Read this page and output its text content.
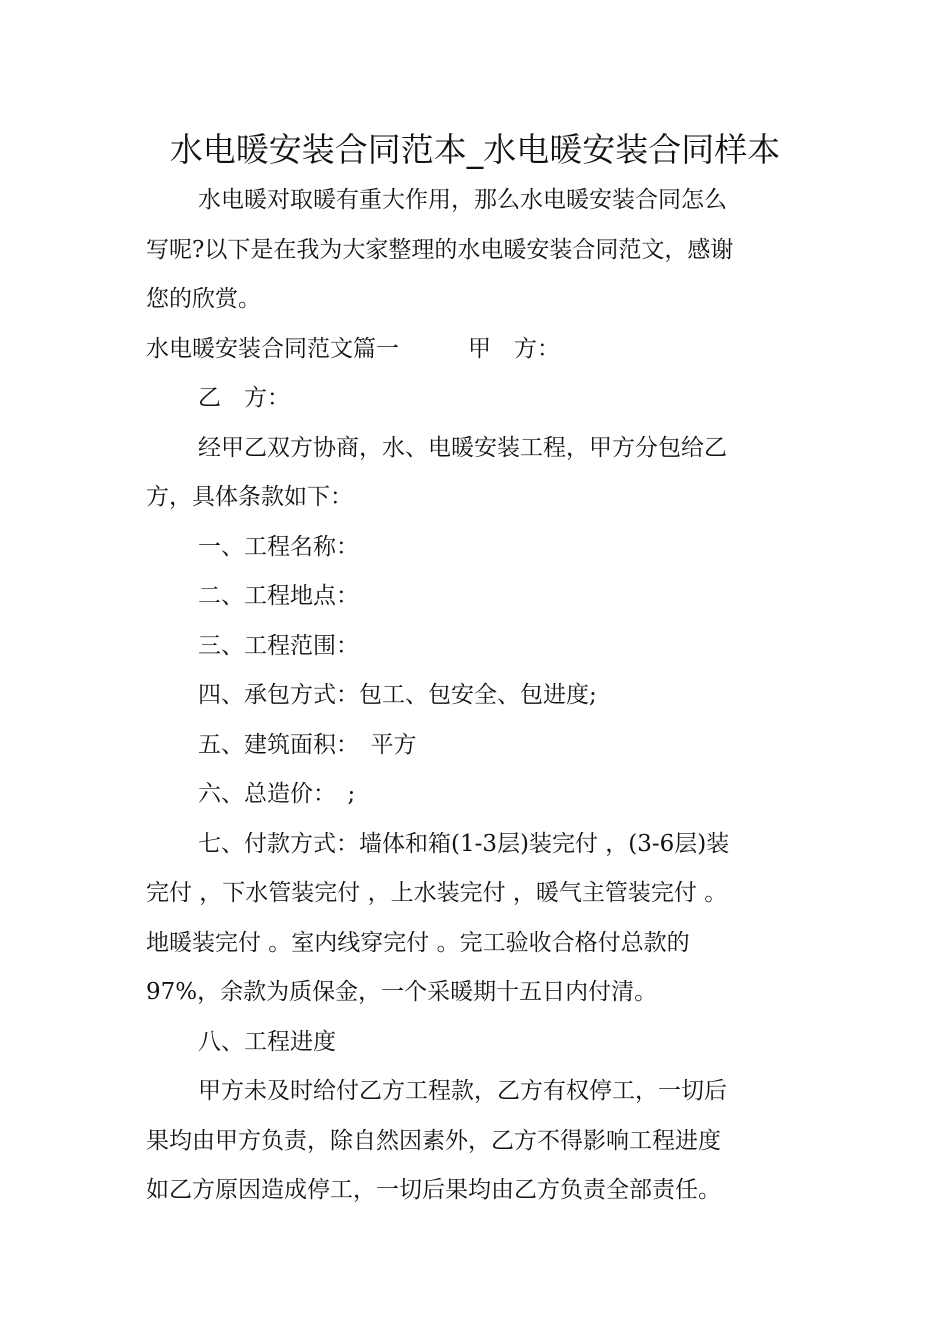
水电暖安装合同范本_水电暖安装合同样本

水电暖对取暖有重大作用，那么水电暖安装合同怎么

写呢?以下是在我为大家整理的水电暖安装合同范文，感谢

您的欣赏。

水电暖安装合同范文篇一　　　甲　方：

乙　方：

经甲乙双方协商，水、电暖安装工程，甲方分包给乙

方，具体条款如下：

一、工程名称：

二、工程地点：

三、工程范围：

四、承包方式：包工、包安全、包进度;

五、建筑面积：　平方

六、总造价：　;

七、付款方式：墙体和箱(1-3层)装完付 ，(3-6层)装

完付 ，下水管装完付 ，上水装完付 ，暖气主管装完付 。

地暖装完付 。室内线穿完付 。完工验收合格付总款的

97%，余款为质保金，一个采暖期十五日内付清。

八、工程进度

甲方未及时给付乙方工程款，乙方有权停工，一切后

果均由甲方负责，除自然因素外，乙方不得影响工程进度

如乙方原因造成停工，一切后果均由乙方负责全部责任。
